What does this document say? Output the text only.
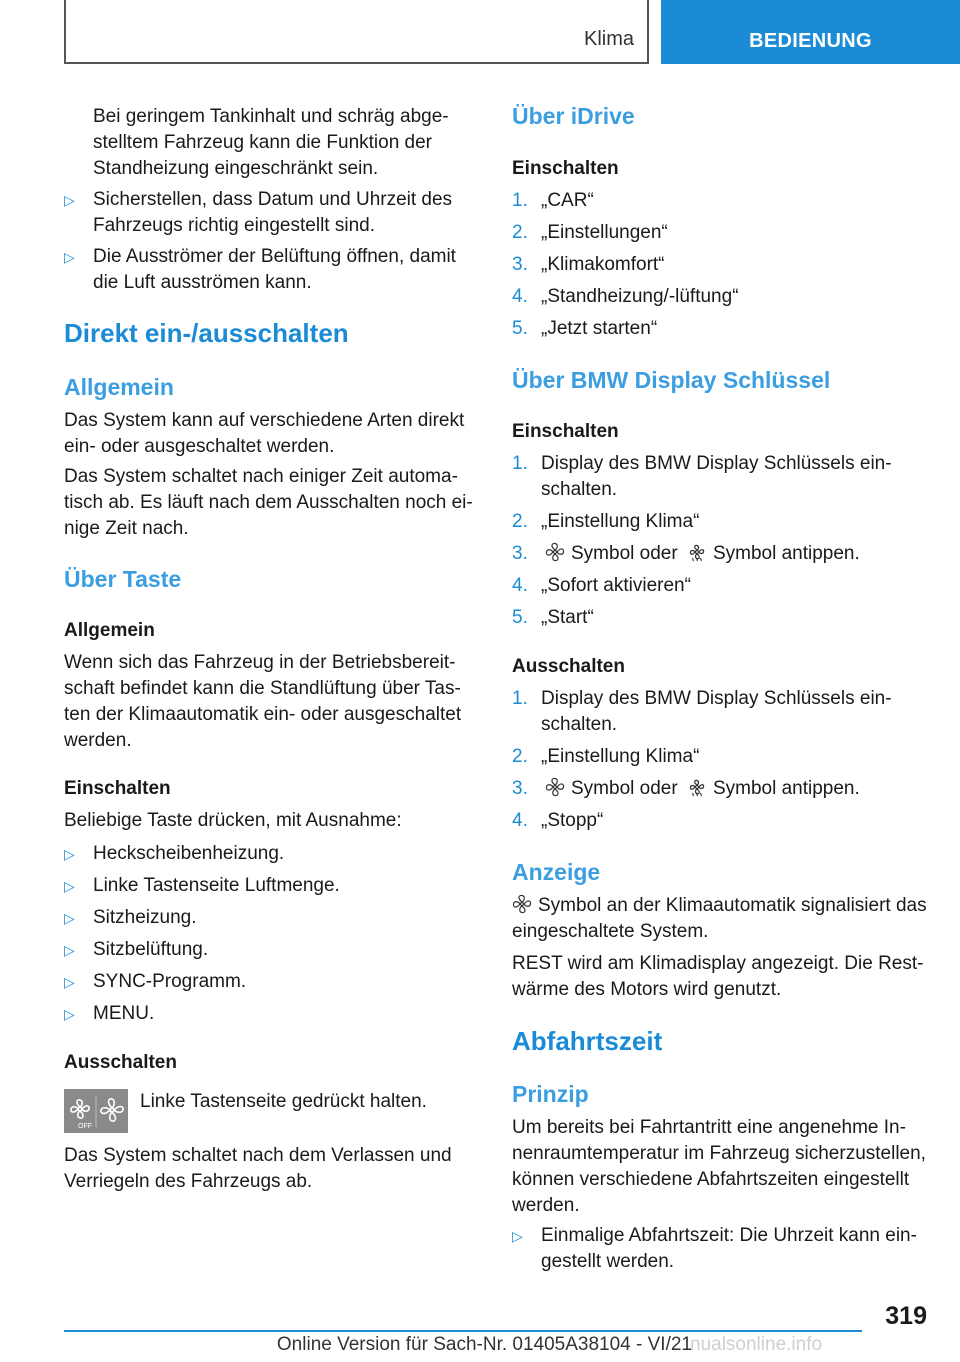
Klima	BEDIENUNG
Bei geringem Tankinhalt und schräg abgestelltem Fahrzeug kann die Funktion der Standheizung eingeschränkt sein.
▷ Sicherstellen, dass Datum und Uhrzeit des Fahrzeugs richtig eingestellt sind.
▷ Die Ausströmer der Belüftung öffnen, damit die Luft ausströmen kann.
Direkt ein-/ausschalten
Allgemein
Das System kann auf verschiedene Arten direkt ein- oder ausgeschaltet werden.
Das System schaltet nach einiger Zeit automatisch ab. Es läuft nach dem Ausschalten noch einige Zeit nach.
Über Taste
Allgemein
Wenn sich das Fahrzeug in der Betriebsbereitschaft befindet kann die Standlüftung über Tasten der Klimaautomatik ein- oder ausgeschaltet werden.
Einschalten
Beliebige Taste drücken, mit Ausnahme:
▷ Heckscheibenheizung.
▷ Linke Tastenseite Luftmenge.
▷ Sitzheizung.
▷ Sitzbelüftung.
▷ SYNC-Programm.
▷ MENU.
Ausschalten
OFF
Linke Tastenseite gedrückt halten.
Das System schaltet nach dem Verlassen und Verriegeln des Fahrzeugs ab.
Über iDrive
Einschalten
1. „CAR“
2. „Einstellungen“
3. „Klimakomfort“
4. „Standheizung/-lüftung“
5. „Jetzt starten“
Über BMW Display Schlüssel
Einschalten
1. Display des BMW Display Schlüssels einschalten.
2. „Einstellung Klima“
3.	Symbol oder Symbol antippen.
4. „Sofort aktivieren“
5. „Start“
Ausschalten
1. Display des BMW Display Schlüssels einschalten.
2. „Einstellung Klima“
3.	Symbol oder Symbol antippen.
4. „Stopp“
Anzeige
Symbol an der Klimaautomatik signalisiert das eingeschaltete System.
REST wird am Klimadisplay angezeigt. Die Restwärme des Motors wird genutzt.
Abfahrtszeit
Prinzip
Um bereits bei Fahrtantritt eine angenehme Innenraumtemperatur im Fahrzeug sicherzustellen, können verschiedene Abfahrtszeiten eingestellt werden.
▷ Einmalige Abfahrtszeit: Die Uhrzeit kann eingestellt werden.
319
Online Version für Sach-Nr. 01405A38104 - VI/21
nualsonline.info
